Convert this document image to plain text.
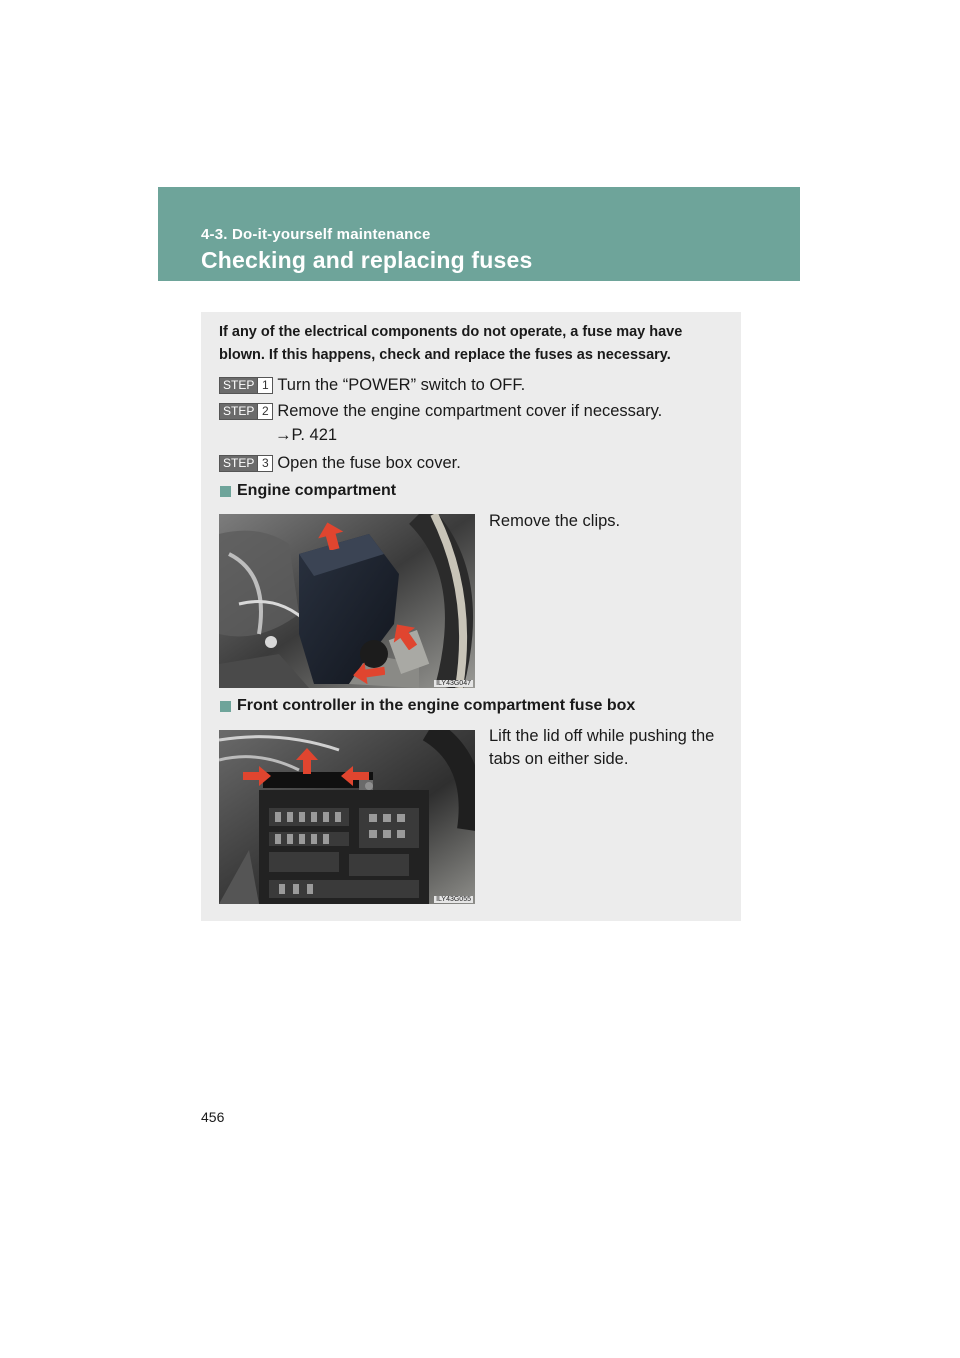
4-3. Do-it-yourself maintenance
Checking and replacing fuses
If any of the electrical components do not operate, a fuse may have blown. If this happens, check and replace the fuses as necessary.
STEP 1 Turn the “POWER” switch to OFF.
STEP 2 Remove the engine compartment cover if necessary.
→P. 421
STEP 3 Open the fuse box cover.
Engine compartment
ILY43G047
Remove the clips.
Front controller in the engine compartment fuse box
ILY43G055
Lift the lid off while pushing the tabs on either side.
456
